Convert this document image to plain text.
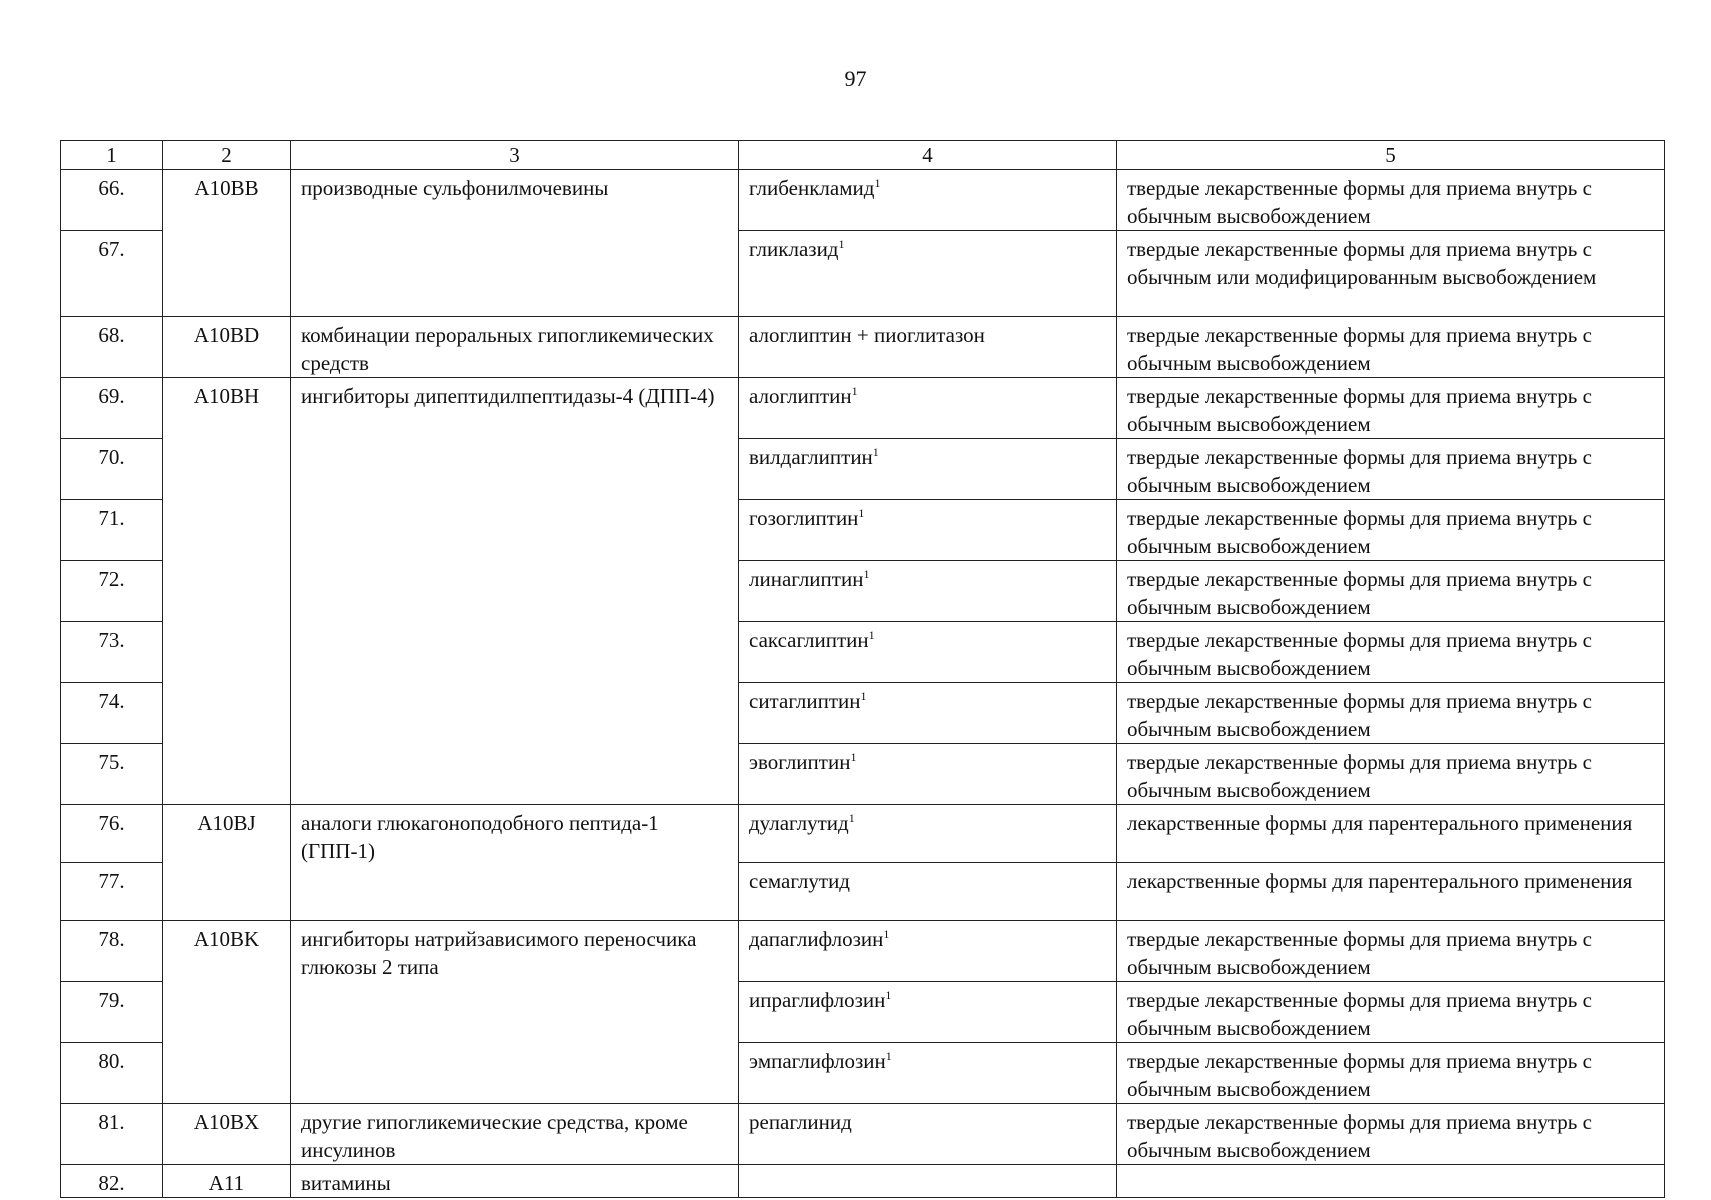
97
1	2	3	4	5
66.	A10BB	производные сульфонилмочевины	глибенкламид$^1$	твердые лекарственные формы для приема внутрь с обычным высвобождением
67.			гликлазид$^1$	твердые лекарственные формы для приема внутрь с обычным или модифицированным высвобождением
68.	A10BD	комбинации пероральных гипогликемических средств	алоглиптин + пиоглитазон	твердые лекарственные формы для приема внутрь с обычным высвобождением
69.	A10BH	ингибиторы дипептидилпептидазы-4 (ДПП-4)	алоглиптин$^1$	твердые лекарственные формы для приема внутрь с обычным высвобождением
70.			вилдаглиптин$^1$	твердые лекарственные формы для приема внутрь с обычным высвобождением
71.			гозоглиптин$^1$	твердые лекарственные формы для приема внутрь с обычным высвобождением
72.			линаглиптин$^1$	твердые лекарственные формы для приема внутрь с обычным высвобождением
73.			саксаглиптин$^1$	твердые лекарственные формы для приема внутрь с обычным высвобождением
74.			ситаглиптин$^1$	твердые лекарственные формы для приема внутрь с обычным высвобождением
75.			эвоглиптин$^1$	твердые лекарственные формы для приема внутрь с обычным высвобождением
76.	A10BJ	аналоги глюкагоноподобного пептида-1 (ГПП-1)	дулаглутид$^1$	лекарственные формы для парентерального применения
77.			семаглутид	лекарственные формы для парентерального применения
78.	A10BK	ингибиторы натрийзависимого переносчика глюкозы 2 типа	дапаглифлозин$^1$	твердые лекарственные формы для приема внутрь с обычным высвобождением
79.			ипраглифлозин$^1$	твердые лекарственные формы для приема внутрь с обычным высвобождением
80.			эмпаглифлозин$^1$	твердые лекарственные формы для приема внутрь с обычным высвобождением
81.	A10BX	другие гипогликемические средства, кроме инсулинов	репаглинид	твердые лекарственные формы для приема внутрь с обычным высвобождением
82.	A11	витамины		
